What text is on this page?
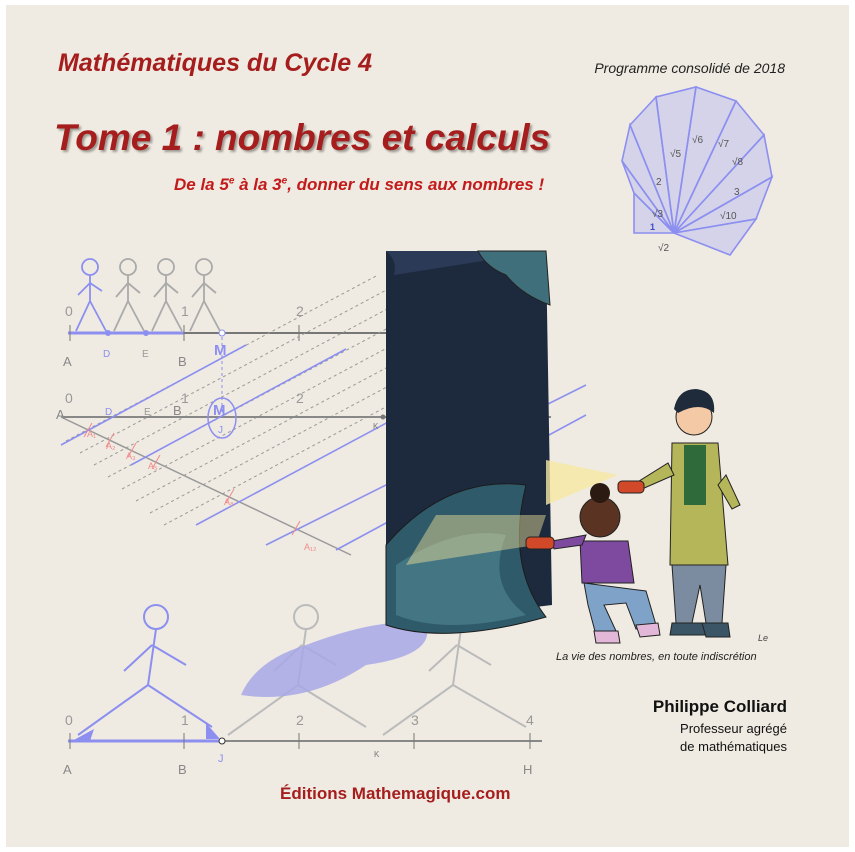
0	1	2
A	D	E B
M
0	1	2
A	D	E B M
J	K
A₁
A₂
A₃
A₅
A₈
A₁₂
0	1	2	3	4
A	B
J	K
H
Le
√2
√3
2
√5
√6 √7
√8
3
√10
1
Mathématiques du Cycle 4	Programme consolidé de 2018
Tome 1 : nombres et calculs
De la 5e à la 3e, donner du sens aux nombres !
La vie des nombres, en toute indiscrétion
Philippe Colliard
Professeur agrégé
de mathématiques
Éditions Mathemagique.com
